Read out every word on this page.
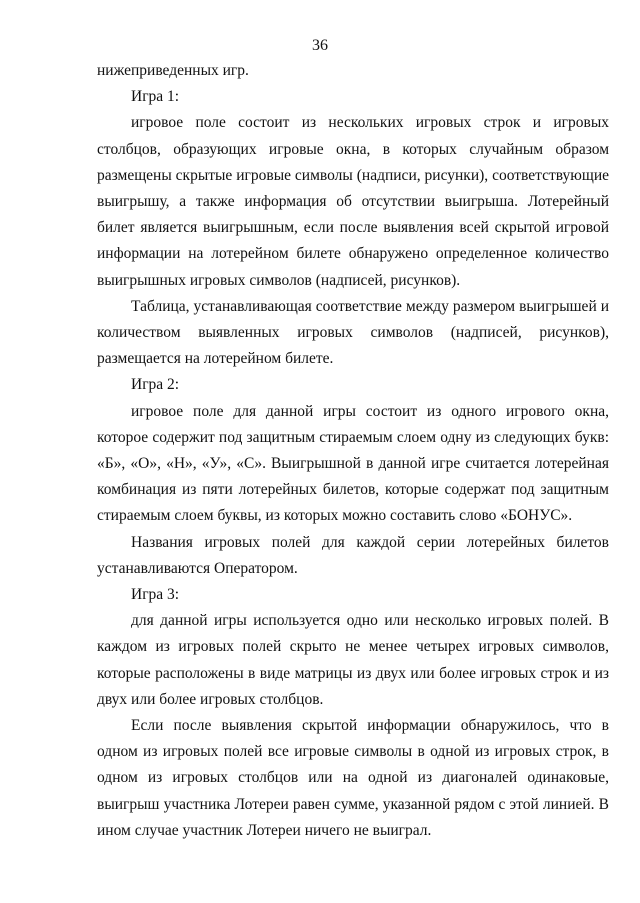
36

нижеприведенных игр.

Игра 1:

игровое поле состоит из нескольких игровых строк и игровых столбцов, образующих игровые окна, в которых случайным образом размещены скрытые игровые символы (надписи, рисунки), соответствующие выигрышу, а также информация об отсутствии выигрыша. Лотерейный билет является выигрышным, если после выявления всей скрытой игровой информации на лотерейном билете обнаружено определенное количество выигрышных игровых символов (надписей, рисунков).

Таблица, устанавливающая соответствие между размером выигрышей и количеством выявленных игровых символов (надписей, рисунков), размещается на лотерейном билете.

Игра 2:

игровое поле для данной игры состоит из одного игрового окна, которое содержит под защитным стираемым слоем одну из следующих букв: «Б», «О», «Н», «У», «С». Выигрышной в данной игре считается лотерейная комбинация из пяти лотерейных билетов, которые содержат под защитным стираемым слоем буквы, из которых можно составить слово «БОНУС».

Названия игровых полей для каждой серии лотерейных билетов устанавливаются Оператором.

Игра 3:

для данной игры используется одно или несколько игровых полей. В каждом из игровых полей скрыто не менее четырех игровых символов, которые расположены в виде матрицы из двух или более игровых строк и из двух или более игровых столбцов.

Если после выявления скрытой информации обнаружилось, что в одном из игровых полей все игровые символы в одной из игровых строк, в одном из игровых столбцов или на одной из диагоналей одинаковые, выигрыш участника Лотереи равен сумме, указанной рядом с этой линией. В ином случае участник Лотереи ничего не выиграл.
